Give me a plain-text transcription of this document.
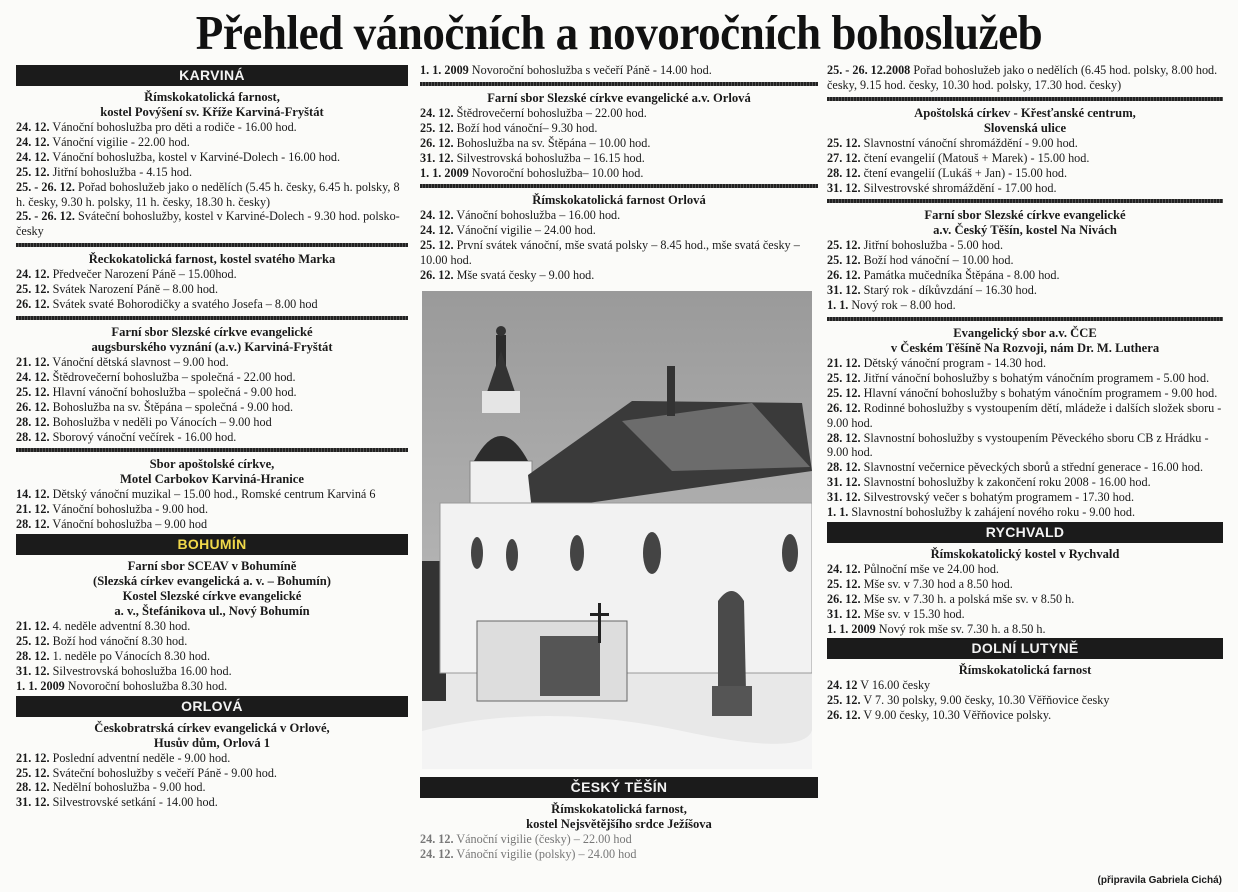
Přehled vánočních a novoročních bohoslužeb
KARVINÁ
Římskokatolická farnost,
kostel Povýšení sv. Kříže Karviná-Fryštát
24. 12. Vánoční bohoslužba pro děti a rodiče - 16.00 hod.
24. 12. Vánoční vigilie - 22.00 hod.
24. 12. Vánoční bohoslužba, kostel v Karviné-Dolech - 16.00 hod.
25. 12. Jitřní bohoslužba - 4.15 hod.
25. - 26. 12. Pořad bohoslužeb jako o nedělích (5.45 h. česky, 6.45 h. polsky, 8 h. česky, 9.30 h. polsky, 11 h. česky, 18.30 h. česky)
25. - 26. 12. Sváteční bohoslužby, kostel v Karviné-Dolech - 9.30 hod. polsko-česky
Řeckokatolická farnost, kostel svatého Marka
24. 12. Předvečer Narození Páně – 15.00hod.
25. 12. Svátek Narození Páně – 8.00 hod.
26. 12. Svátek svaté Bohorodičky a svatého Josefa – 8.00 hod
Farní sbor Slezské církve evangelické
augsburského vyznání (a.v.) Karviná-Fryštát
21. 12. Vánoční dětská slavnost – 9.00 hod.
24. 12. Štědrovečerní bohoslužba – společná - 22.00 hod.
25. 12. Hlavní vánoční bohoslužba – společná - 9.00 hod.
26. 12. Bohoslužba na sv. Štěpána – společná - 9.00 hod.
28. 12. Bohoslužba v neděli po Vánocích – 9.00 hod
28. 12. Sborový vánoční večírek - 16.00 hod.
Sbor apoštolské církve,
Motel Carbokov Karviná-Hranice
14. 12. Dětský vánoční muzikal – 15.00 hod., Romské centrum Karviná 6
21. 12. Vánoční bohoslužba - 9.00 hod.
28. 12. Vánoční bohoslužba – 9.00 hod
BOHUMÍN
Farní sbor SCEAV v Bohumíně
(Slezská církev evangelická a. v. – Bohumín)
Kostel Slezské církve evangelické
a. v., Štefánikova ul., Nový Bohumín
21. 12. 4. neděle adventní 8.30 hod.
25. 12. Boží hod vánoční 8.30 hod.
28. 12. 1. neděle po Vánocích 8.30 hod.
31. 12. Silvestrovská bohoslužba 16.00 hod.
1. 1. 2009 Novoroční bohoslužba 8.30 hod.
ORLOVÁ
Českobratrská církev evangelická v Orlové,
Husův dům, Orlová 1
21. 12. Poslední adventní neděle - 9.00 hod.
25. 12. Sváteční bohoslužby s večeří Páně - 9.00 hod.
28. 12. Nedělní bohoslužba - 9.00 hod.
31. 12. Silvestrovské setkání - 14.00 hod.
1. 1. 2009 Novoroční bohoslužba s večeří Páně - 14.00 hod.
Farní sbor Slezské církve evangelické a.v. Orlová
24. 12. Štědrovečerní bohoslužba – 22.00 hod.
25. 12. Boží hod vánoční– 9.30 hod.
26. 12. Bohoslužba na sv. Štěpána – 10.00 hod.
31. 12. Silvestrovská bohoslužba – 16.15 hod.
1. 1. 2009 Novoroční bohoslužba– 10.00 hod.
Římskokatolická farnost Orlová
24. 12. Vánoční bohoslužba – 16.00 hod.
24. 12. Vánoční vigilie – 24.00 hod.
25. 12. První svátek vánoční, mše svatá polsky – 8.45 hod., mše svatá česky – 10.00 hod.
26. 12. Mše svatá česky – 9.00 hod.
ČESKÝ TĚŠÍN
Římskokatolická farnost,
kostel Nejsvětějšího srdce Ježíšova
24. 12. Vánoční vigilie (česky) – 22.00 hod
24. 12. Vánoční vigilie (polsky) – 24.00 hod
25. - 26. 12.2008 Pořad bohoslužeb jako o nedělích (6.45 hod. polsky, 8.00 hod. česky, 9.15 hod. česky, 10.30 hod. polsky, 17.30 hod. česky)
Apoštolská církev - Křesťanské centrum,
Slovenská ulice
25. 12. Slavnostní vánoční shromáždění - 9.00 hod.
27. 12. čtení evangelií (Matouš + Marek) - 15.00 hod.
28. 12. čtení evangelií (Lukáš + Jan) - 15.00 hod.
31. 12. Silvestrovské shromáždění - 17.00 hod.
Farní sbor Slezské církve evangelické
a.v. Český Těšín, kostel Na Nivách
25. 12. Jitřní bohoslužba - 5.00 hod.
25. 12. Boží hod vánoční – 10.00 hod.
26. 12. Památka mučedníka Štěpána - 8.00 hod.
31. 12. Starý rok - díkůvzdání – 16.30 hod.
1. 1. Nový rok – 8.00 hod.
Evangelický sbor a.v. ČCE
v Českém Těšíně Na Rozvoji, nám Dr. M. Luthera
21. 12. Dětský vánoční program - 14.30 hod.
25. 12. Jitřní vánoční bohoslužby s bohatým vánočním programem - 5.00 hod.
25. 12. Hlavní vánoční bohoslužby s bohatým vánočním programem - 9.00 hod.
26. 12. Rodinné bohoslužby s vystoupením dětí, mládeže i dalších složek sboru - 9.00 hod.
28. 12. Slavnostní bohoslužby s vystoupením Pěveckého sboru CB z Hrádku - 9.00 hod.
28. 12. Slavnostní večernice pěveckých sborů a střední generace - 16.00 hod.
31. 12. Slavnostní bohoslužby k zakončení roku 2008 - 16.00 hod.
31. 12. Silvestrovský večer s bohatým programem - 17.30 hod.
1. 1. Slavnostní bohoslužby k zahájení nového roku - 9.00 hod.
RYCHVALD
Římskokatolický kostel v Rychvald
24. 12. Půlnoční mše ve 24.00 hod.
25. 12. Mše sv. v 7.30 hod a 8.50 hod.
26. 12. Mše sv. v 7.30 h. a polská mše sv. v 8.50 h.
31. 12. Mše sv. v 15.30 hod.
1. 1. 2009 Nový rok mše sv. 7.30 h. a 8.50 h.
DOLNÍ LUTYNĚ
Římskokatolická farnost
24. 12 V 16.00 česky
25. 12. V 7. 30 polsky, 9.00 česky, 10.30 Věřňovice česky
26. 12. V 9.00 česky, 10.30 Věřňovice polsky.
(připravila Gabriela Cichá)
